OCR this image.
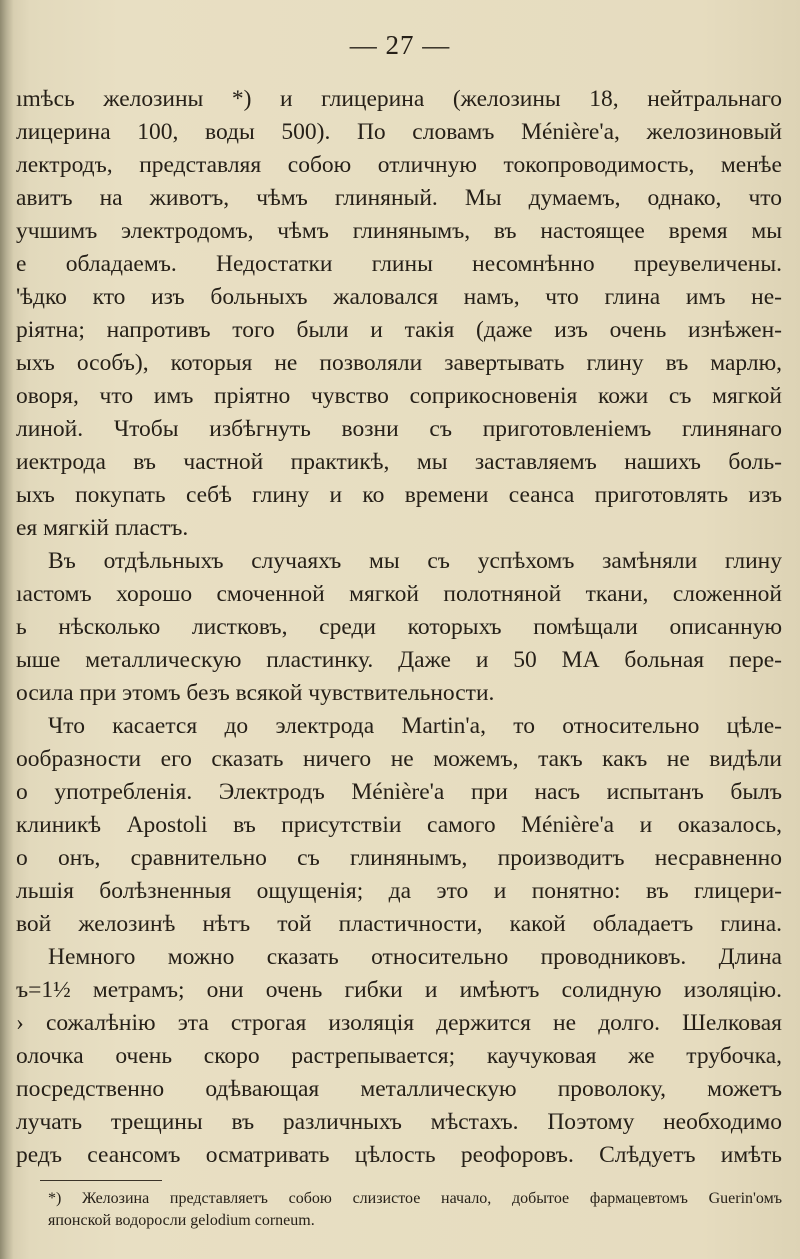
— 27 —
ımѣсь желозины *) и глицерина (желозины 18, нейтральнаго
лицерина 100, воды 500). По словамъ Ménière'a, желозиновый
лектродъ, представляя собою отличную токопроводимость, менѣе
авитъ на животъ, чѣмъ глиняный. Мы думаемъ, однако, что
учшимъ электродомъ, чѣмъ глинянымъ, въ настоящее время мы
е обладаемъ. Недостатки глины несомнѣнно преувеличены.
'ѣдко кто изъ больныхъ жаловался намъ, что глина имъ не-
ріятна; напротивъ того были и такія (даже изъ очень изнѣжен-
ыхъ особъ), которыя не позволяли завертывать глину въ марлю,
оворя, что имъ пріятно чувство соприкосновенія кожи съ мягкой
линой. Чтобы избѣгнуть возни съ приготовленіемъ глинянаго
иектрода въ частной практикѣ, мы заставляемъ нашихъ боль-
ыхъ покупать себѣ глину и ко времени сеанса приготовлять изъ
ея мягкій пластъ.
Въ отдѣльныхъ случаяхъ мы съ успѣхомъ замѣняли глину
ıастомъ хорошо смоченной мягкой полотняной ткани, сложенной
ь нѣсколько листковъ, среди которыхъ помѣщали описанную
ыше металлическую пластинку. Даже и 50 МА больная пере-
осила при этомъ безъ всякой чувствительности.
Что касается до электрода Martin'a, то относительно цѣле-
ообразности его сказать ничего не можемъ, такъ какъ не видѣли
о употребленія. Электродъ Ménière'a при насъ испытанъ былъ
клиникѣ Apostoli въ присутствіи самого Ménière'a и оказалось,
о онъ, сравнительно съ глинянымъ, производитъ несравненно
льшія болѣзненныя ощущенія; да это и понятно: въ глицери-
вой желозинѣ нѣтъ той пластичности, какой обладаетъ глина.
Немного можно сказать относительно проводниковъ. Длина
ъ=1½ метрамъ; они очень гибки и имѣютъ солидную изоляцію.
› сожалѣнію эта строгая изоляція держится не долго. Шелковая
олочка очень скоро растрепывается; каучуковая же трубочка,
посредственно одѣвающая металлическую проволоку, можетъ
лучать трещины въ различныхъ мѣстахъ. Поэтому необходимо
редъ сеансомъ осматривать цѣлость реофоровъ. Слѣдуетъ имѣть
*) Желозина представляетъ собою слизистое начало, добытое фармацевтомъ Guerin'омъ
японской водоросли gelodium corneum.
